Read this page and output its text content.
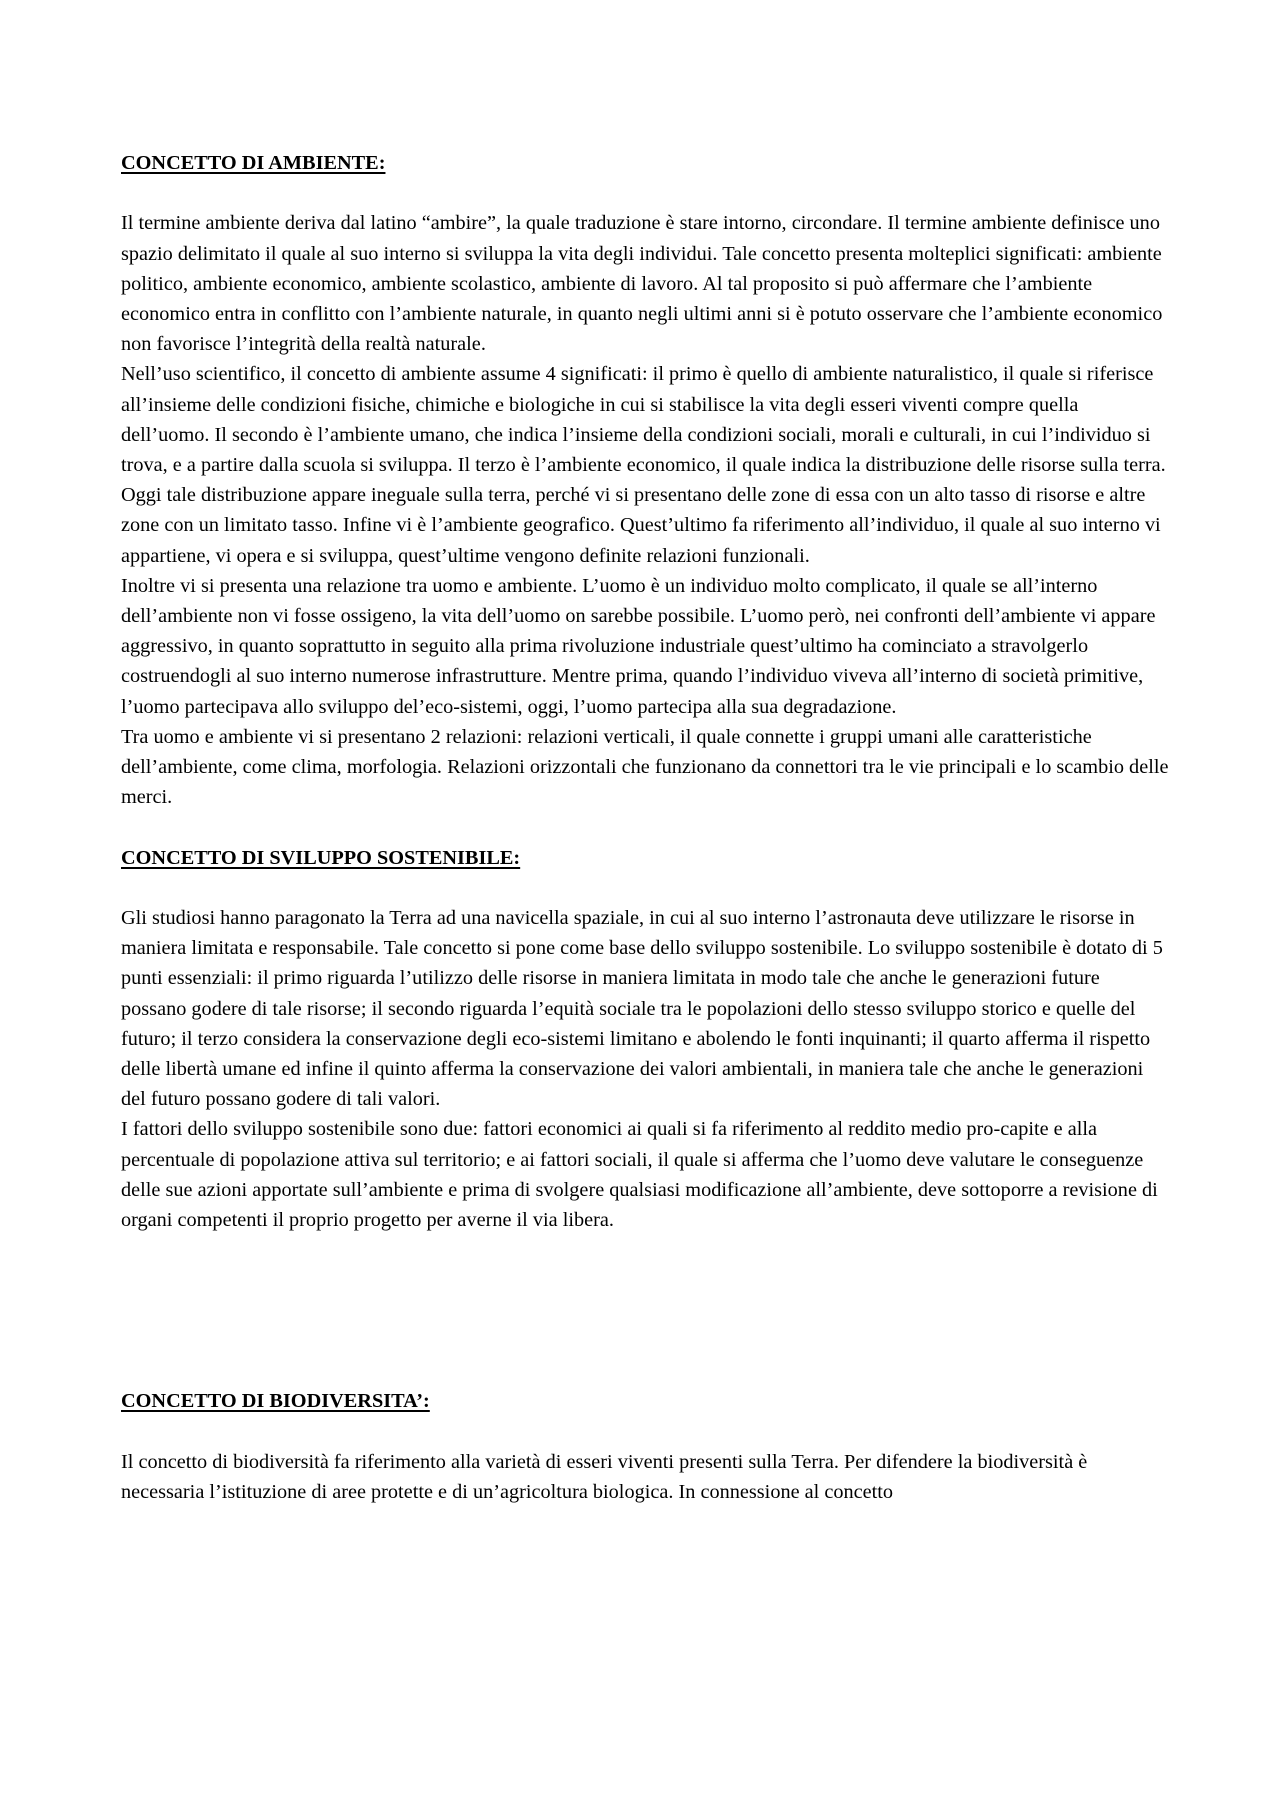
CONCETTO DI AMBIENTE:

Il termine ambiente deriva dal latino “ambire”, la quale traduzione è stare intorno, circondare. Il termine ambiente definisce uno spazio delimitato il quale al suo interno si sviluppa la vita degli individui. Tale concetto presenta molteplici significati: ambiente politico, ambiente economico, ambiente scolastico, ambiente di lavoro. Al tal proposito si può affermare che l’ambiente economico entra in conflitto con l’ambiente naturale, in quanto negli ultimi anni si è potuto osservare che l’ambiente economico non favorisce l’integrità della realtà naturale.

Nell’uso scientifico, il concetto di ambiente assume 4 significati: il primo è quello di ambiente naturalistico, il quale si riferisce all’insieme delle condizioni fisiche, chimiche e biologiche in cui si stabilisce la vita degli esseri viventi compre quella dell’uomo. Il secondo è l’ambiente umano, che indica l’insieme della condizioni sociali, morali e culturali, in cui l’individuo si trova, e a partire dalla scuola si sviluppa. Il terzo è l’ambiente economico, il quale indica la distribuzione delle risorse sulla terra. Oggi tale distribuzione appare ineguale sulla terra, perché vi si presentano delle zone di essa con un alto tasso di risorse e altre zone con un limitato tasso. Infine vi è l’ambiente geografico. Quest’ultimo fa riferimento all’individuo, il quale al suo interno vi appartiene, vi opera e si sviluppa, quest’ultime vengono definite relazioni funzionali.

Inoltre vi si presenta una relazione tra uomo e ambiente. L’uomo è un individuo molto complicato, il quale se all’interno dell’ambiente non vi fosse ossigeno, la vita dell’uomo on sarebbe possibile. L’uomo però, nei confronti dell’ambiente vi appare aggressivo, in quanto soprattutto in seguito alla prima rivoluzione industriale quest’ultimo ha cominciato a stravolgerlo costruendogli al suo interno numerose infrastrutture. Mentre prima, quando l’individuo viveva all’interno di società primitive, l’uomo partecipava allo sviluppo del’eco-sistemi, oggi, l’uomo partecipa alla sua degradazione.

Tra uomo e ambiente vi si presentano 2 relazioni: relazioni verticali, il quale connette i gruppi umani alle caratteristiche dell’ambiente, come clima, morfologia. Relazioni orizzontali che funzionano da connettori tra le vie principali e lo scambio delle merci.

CONCETTO DI SVILUPPO SOSTENIBILE:

Gli studiosi hanno paragonato la Terra ad una navicella spaziale, in cui al suo interno l’astronauta deve utilizzare le risorse in maniera limitata e responsabile. Tale concetto si pone come base dello sviluppo sostenibile. Lo sviluppo sostenibile è dotato di 5 punti essenziali: il primo riguarda l’utilizzo delle risorse in maniera limitata in modo tale che anche le generazioni future possano godere di tale risorse; il secondo riguarda l’equità sociale tra le popolazioni dello stesso sviluppo storico e quelle del futuro; il terzo considera la conservazione degli eco-sistemi limitano e abolendo le fonti inquinanti; il quarto afferma il rispetto delle libertà umane ed infine il quinto afferma la conservazione dei valori ambientali, in maniera tale che anche le generazioni del futuro possano godere di tali valori.

I fattori dello sviluppo sostenibile sono due: fattori economici ai quali si fa riferimento al reddito medio pro-capite e alla percentuale di popolazione attiva sul territorio; e ai fattori sociali, il quale si afferma che l’uomo deve valutare le conseguenze delle sue azioni apportate sull’ambiente e prima di svolgere qualsiasi modificazione all’ambiente, deve sottoporre a revisione di organi competenti il proprio progetto per averne il via libera.

CONCETTO DI BIODIVERSITA’:

Il concetto di biodiversità fa riferimento alla varietà di esseri viventi presenti sulla Terra. Per difendere la biodiversità è necessaria l’istituzione di aree protette e di un’agricoltura biologica. In connessione al concetto
